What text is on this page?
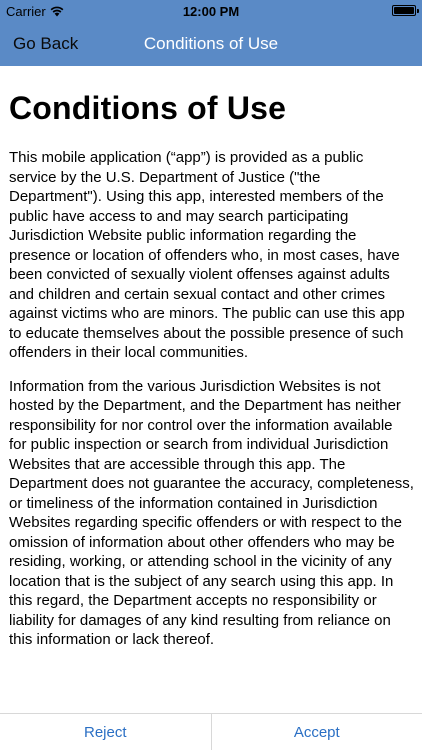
Carrier	12:00 PM
Go Back	Conditions of Use
Conditions of Use

This mobile application (“app”) is provided as a public service by the U.S. Department of Justice ("the Department"). Using this app, interested members of the public have access to and may search participating Jurisdiction Website public information regarding the presence or location of offenders who, in most cases, have been convicted of sexually violent offenses against adults and children and certain sexual contact and other crimes against victims who are minors. The public can use this app to educate themselves about the possible presence of such offenders in their local communities.

Information from the various Jurisdiction Websites is not hosted by the Department, and the Department has neither responsibility for nor control over the information available for public inspection or search from individual Jurisdiction Websites that are accessible through this app. The Department does not guarantee the accuracy, completeness, or timeliness of the information contained in Jurisdiction Websites regarding specific offenders or with respect to the omission of information about other offenders who may be residing, working, or attending school in the vicinity of any location that is the subject of any search using this app. In this regard, the Department accepts no responsibility or liability for damages of any kind resulting from reliance on this information or lack thereof.

Reject	Accept
